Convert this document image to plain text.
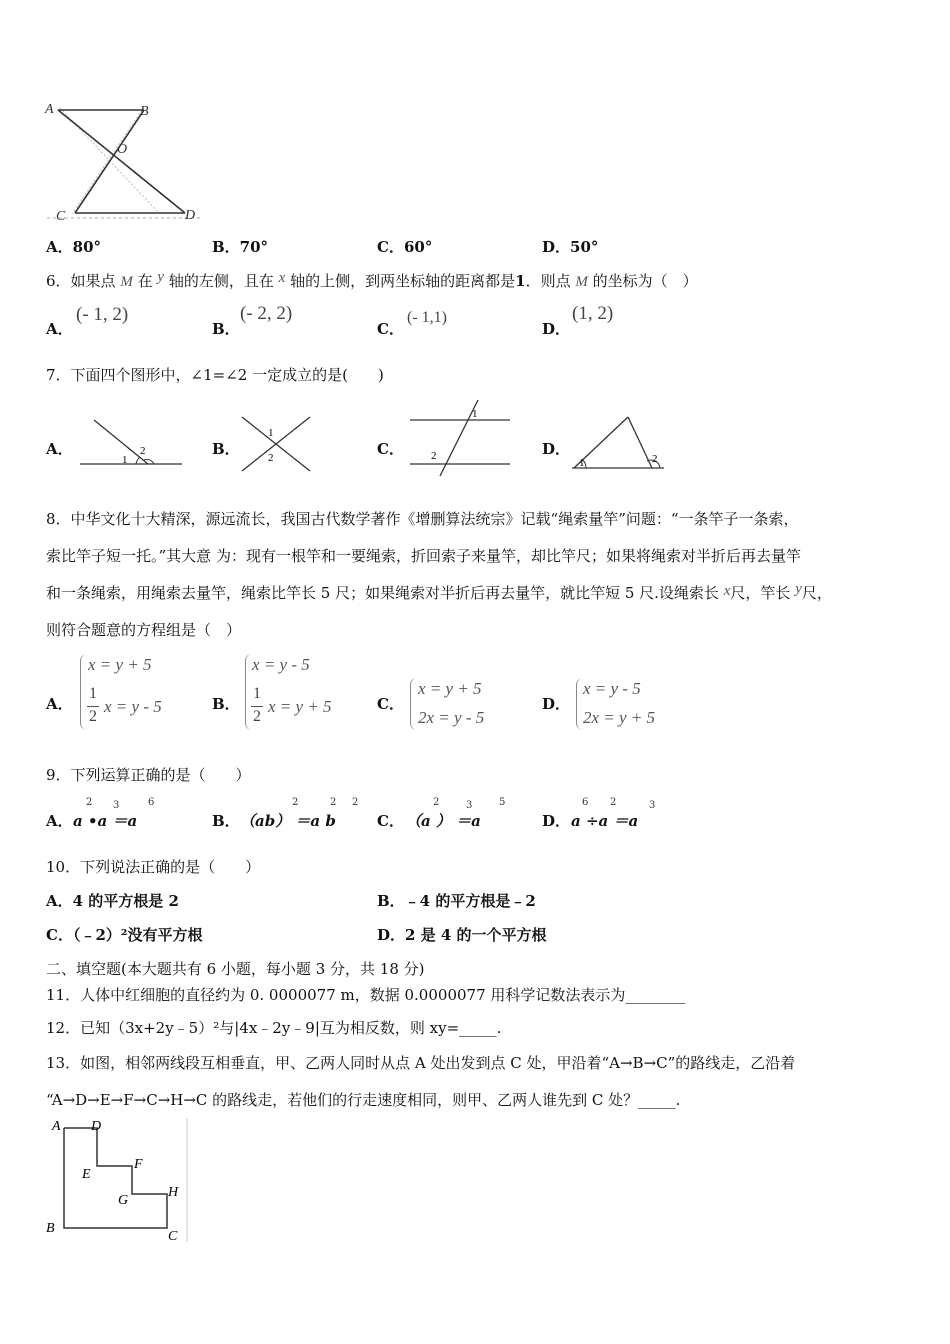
A	B
O
C	D
A．80°	B．70°	C．60°	D．50°
6．如果点 M 在 y 轴的左侧，且在 x 轴的上侧，到两坐标轴的距离都是1．则点 M 的坐标为（　）
A．
(- 1, 2)
B．
(- 2, 2)
C．
(- 1,1)
D．
(1, 2)
7．下面四个图形中，∠1=∠2 一定成立的是(　　)
A．
1
2	B．
1
2	C．
1
2	D．
1	2
8．中华文化十大精深，源远流长，我国古代数学著作《增删算法统宗》记载“绳索量竿”问题：“一条竿子一条索，
索比竿子短一托。”其大意 为：现有一根竿和一要绳索，折回索子来量竿，却比竿尺；如果将绳索对半折后再去量竿
和一条绳索，用绳索去量竿，绳索比竿长 5 尺；如果绳索对半折后再去量竿，就比竿短 5 尺.设绳索长 x尺，竿长 y尺，
则符合题意的方程组是（　）
A．
x = y + 5
1
2
x = y - 5	B．
x = y - 5
1
2
x = y + 5	C．
x = y + 5
2x = y - 5
D．
x = y - 5
2x = y + 5
9．下列运算正确的是（　　）
A．
2 3	6
a •a ＝a	B．
2	2 2
（ab） ＝a b	C．
2	3	5
（a ） ＝a	D．
6 2	3
a ÷a ＝a
10．下列说法正确的是（　　）
A．4 的平方根是 2	B．﹣4 的平方根是﹣2
C．（﹣2）²没有平方根	D．2 是 4 的一个平方根
二、填空题(本大题共有 6 小题，每小题 3 分，共 18 分)
11．人体中红细胞的直径约为 0. 0000077 m，数据 0.0000077 用科学记数法表示为________
12．已知（3x+2y﹣5）²与|4x﹣2y﹣9|互为相反数，则 xy=_____.
13．如图，相邻两线段互相垂直，甲、乙两人同时从点 A 处出发到点 C 处，甲沿着“A→B→C”的路线走，乙沿着
“A→D→E→F→C→H→C 的路线走，若他们的行走速度相同，则甲、乙两人谁先到 C 处？_____.
A D
E
F
G
H
B
C
